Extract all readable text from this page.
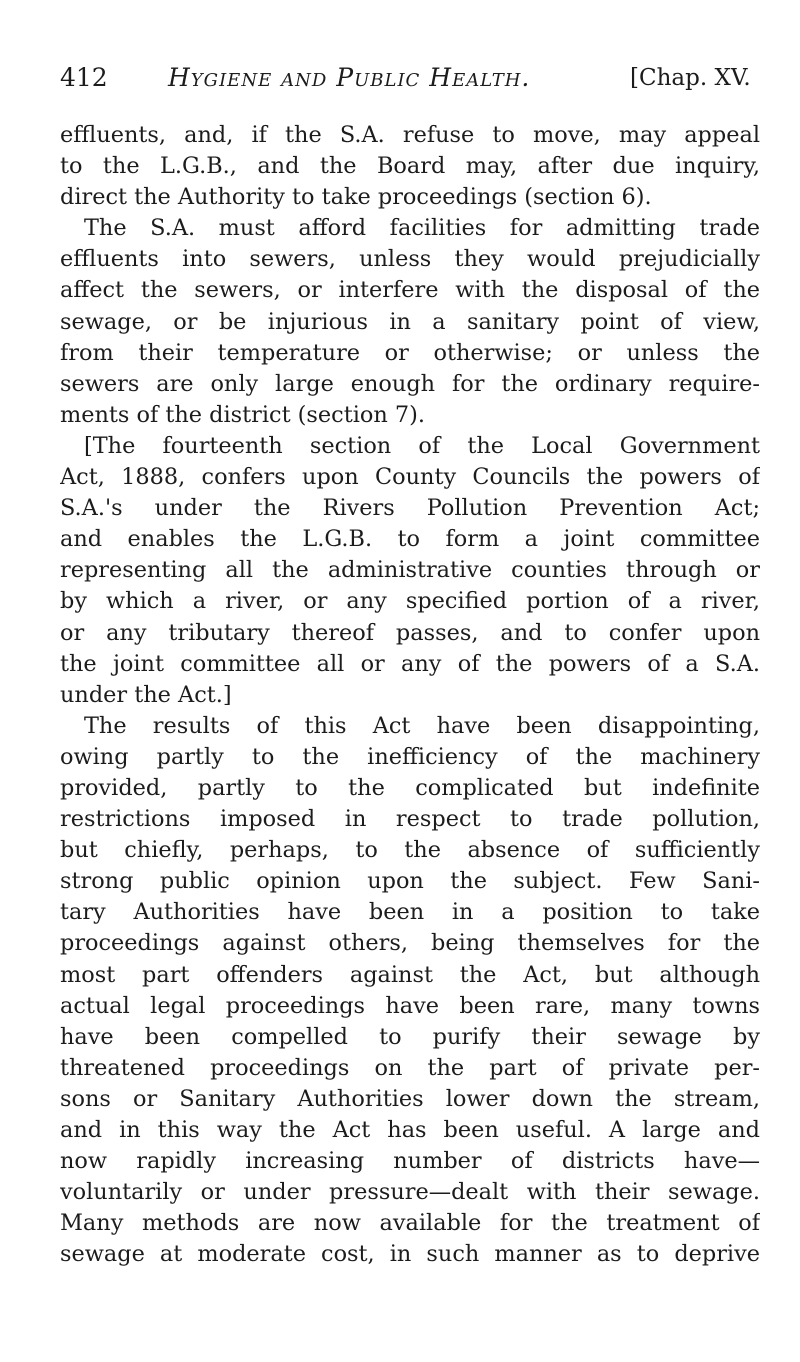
412 Hygiene and Public Health.	[Chap. XV.
effluents, and, if the S.A. refuse to move, may appeal
to the L.G.B., and the Board may, after due inquiry,
direct the Authority to take proceedings (section 6).
The S.A. must afford facilities for admitting trade
effluents into sewers, unless they would prejudicially
affect the sewers, or interfere with the disposal of the
sewage, or be injurious in a sanitary point of view,
from their temperature or otherwise; or unless the
sewers are only large enough for the ordinary require-
ments of the district (section 7).
[The fourteenth section of the Local Government
Act, 1888, confers upon County Councils the powers of
S.A.'s under the Rivers Pollution Prevention Act;
and enables the L.G.B. to form a joint committee
representing all the administrative counties through or
by which a river, or any specified portion of a river,
or any tributary thereof passes, and to confer upon
the joint committee all or any of the powers of a S.A.
under the Act.]
The results of this Act have been disappointing,
owing partly to the inefficiency of the machinery
provided, partly to the complicated but indefinite
restrictions imposed in respect to trade pollution,
but chiefly, perhaps, to the absence of sufficiently
strong public opinion upon the subject. Few Sani-
tary Authorities have been in a position to take
proceedings against others, being themselves for the
most part offenders against the Act, but although
actual legal proceedings have been rare, many towns
have been compelled to purify their sewage by
threatened proceedings on the part of private per-
sons or Sanitary Authorities lower down the stream,
and in this way the Act has been useful. A large and
now rapidly increasing number of districts have—
voluntarily or under pressure—dealt with their sewage.
Many methods are now available for the treatment of
sewage at moderate cost, in such manner as to deprive
